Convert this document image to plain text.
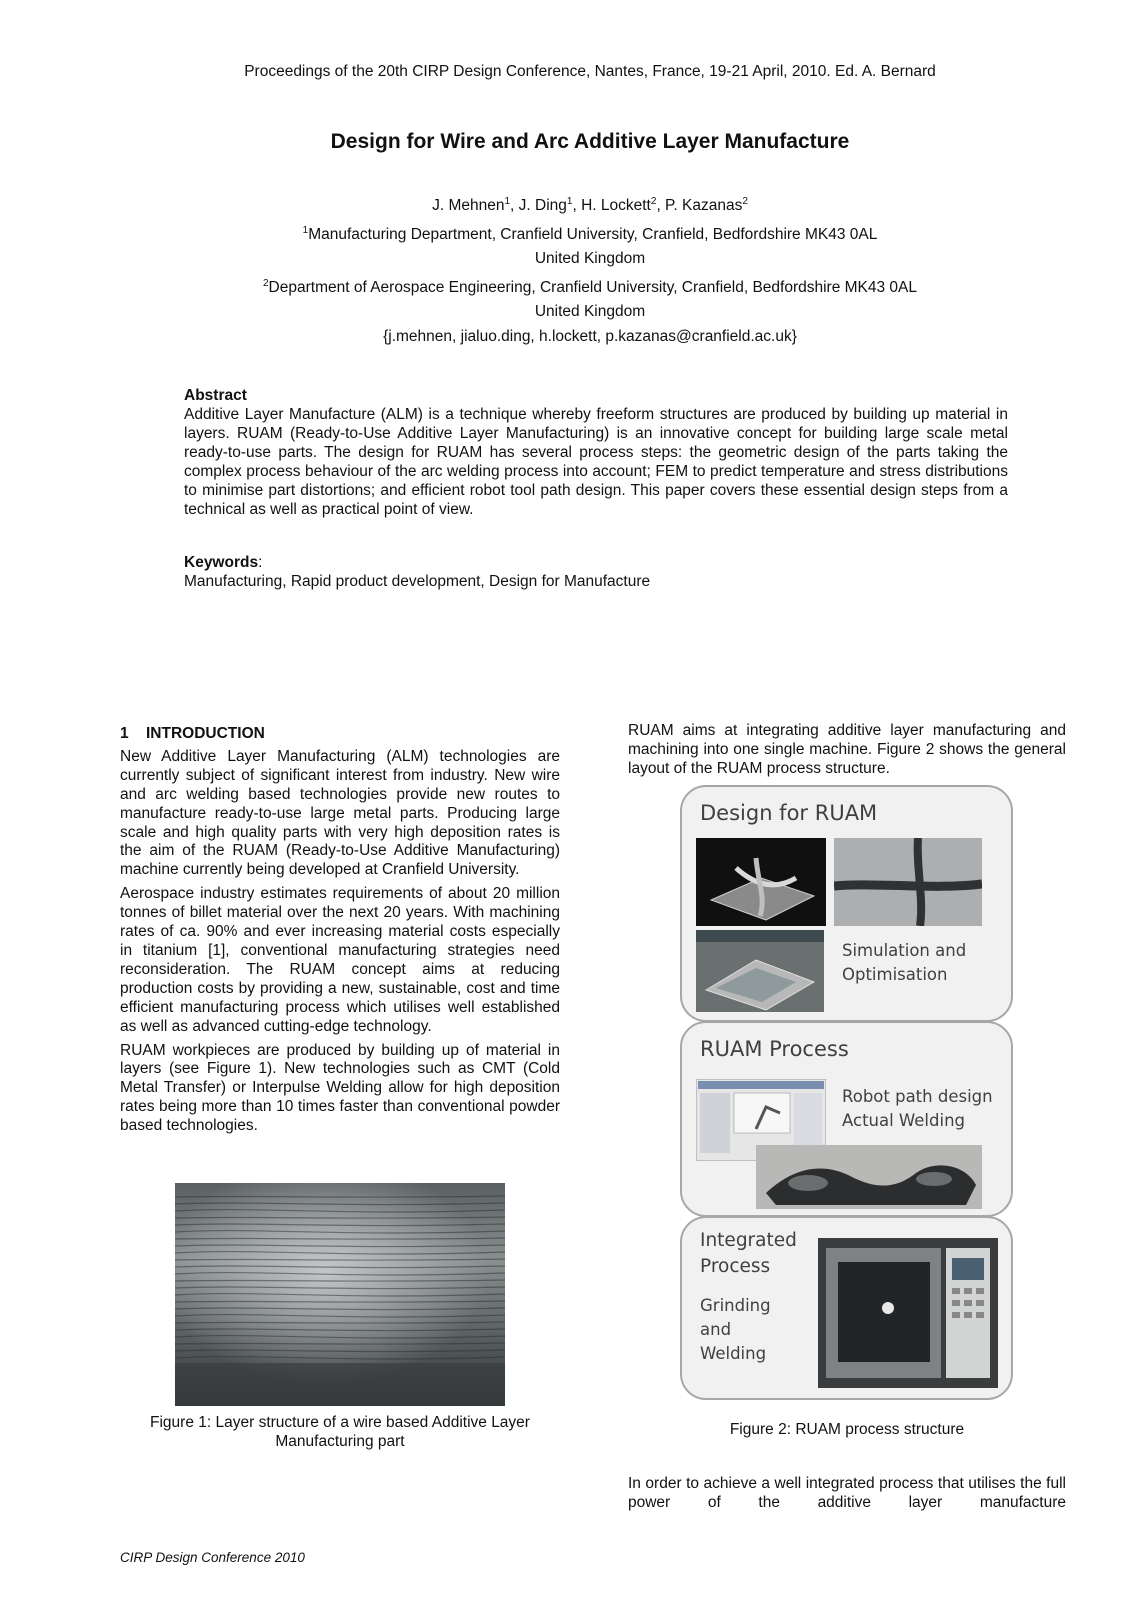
Proceedings of the 20th CIRP Design Conference, Nantes, France, 19-21 April, 2010. Ed. A. Bernard
Design for Wire and Arc Additive Layer Manufacture
J. Mehnen$^1$, J. Ding$^1$, H. Lockett$^2$, P. Kazanas$^2$
$^1$Manufacturing Department, Cranfield University, Cranfield, Bedfordshire MK43 0AL
United Kingdom
$^2$Department of Aerospace Engineering, Cranfield University, Cranfield, Bedfordshire MK43 0AL
United Kingdom
{j.mehnen, jialuo.ding, h.lockett, p.kazanas@cranfield.ac.uk}
Abstract

Additive Layer Manufacture (ALM) is a technique whereby freeform structures are produced by building up material in layers. RUAM (Ready-to-Use Additive Layer Manufacturing) is an innovative concept for building large scale metal ready-to-use parts. The design for RUAM has several process steps: the geometric design of the parts taking the complex process behaviour of the arc welding process into account; FEM to predict temperature and stress distributions to minimise part distortions; and efficient robot tool path design. This paper covers these essential design steps from a technical as well as practical point of view.

Keywords:
Manufacturing, Rapid product development, Design for Manufacture
1 INTRODUCTION

New Additive Layer Manufacturing (ALM) technologies are currently subject of significant interest from industry. New wire and arc welding based technologies provide new routes to manufacture ready-to-use large metal parts. Producing large scale and high quality parts with very high deposition rates is the aim of the RUAM (Ready-to-Use Additive Manufacturing) machine currently being developed at Cranfield University.

Aerospace industry estimates requirements of about 20 million tonnes of billet material over the next 20 years. With machining rates of ca. 90% and ever increasing material costs especially in titanium [1], conventional manufacturing strategies need reconsideration. The RUAM concept aims at reducing production costs by providing a new, sustainable, cost and time efficient manufacturing process which utilises well established as well as advanced cutting-edge technology.

RUAM workpieces are produced by building up of material in layers (see Figure 1). New technologies such as CMT (Cold Metal Transfer) or Interpulse Welding allow for high deposition rates being more than 10 times faster than conventional powder based technologies.

Figure 1: Layer structure of a wire based Additive Layer Manufacturing part

RUAM aims at integrating additive layer manufacturing and machining into one single machine. Figure 2 shows the general layout of the RUAM process structure.

Design for RUAM
Simulation and
Optimisation
RUAM Process
Robot path design
Actual Welding
Integrated
Process
Grinding
and
Welding
Figure 2: RUAM process structure

In order to achieve a well integrated process that utilises the full power of the additive layer manufacture

CIRP Design Conference 2010
